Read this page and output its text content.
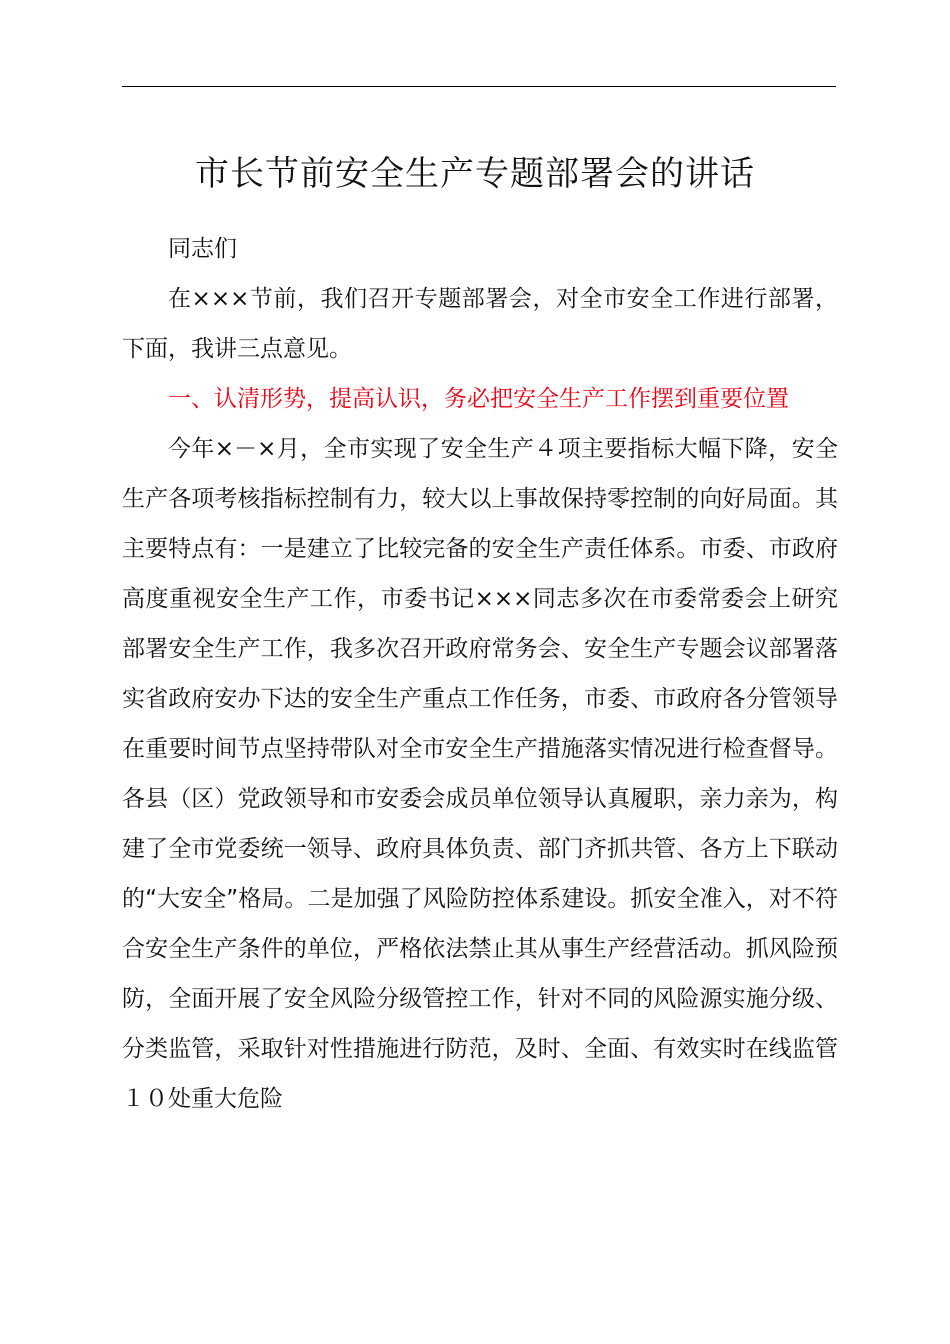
市长节前安全生产专题部署会的讲话

同志们

在×××节前，我们召开专题部署会，对全市安全工作进行部署，下面，我讲三点意见。

一、认清形势，提高认识，务必把安全生产工作摆到重要位置

今年×－×月，全市实现了安全生产４项主要指标大幅下降，安全生产各项考核指标控制有力，较大以上事故保持零控制的向好局面。其主要特点有：一是建立了比较完备的安全生产责任体系。市委、市政府高度重视安全生产工作，市委书记×××同志多次在市委常委会上研究部署安全生产工作，我多次召开政府常务会、安全生产专题会议部署落实省政府安办下达的安全生产重点工作任务，市委、市政府各分管领导在重要时间节点坚持带队对全市安全生产措施落实情况进行检查督导。各县（区）党政领导和市安委会成员单位领导认真履职，亲力亲为，构建了全市党委统一领导、政府具体负责、部门齐抓共管、各方上下联动的“大安全”格局。二是加强了风险防控体系建设。抓安全准入，对不符合安全生产条件的单位，严格依法禁止其从事生产经营活动。抓风险预防，全面开展了安全风险分级管控工作，针对不同的风险源实施分级、分类监管，采取针对性措施进行防范，及时、全面、有效实时在线监管１０处重大危险
